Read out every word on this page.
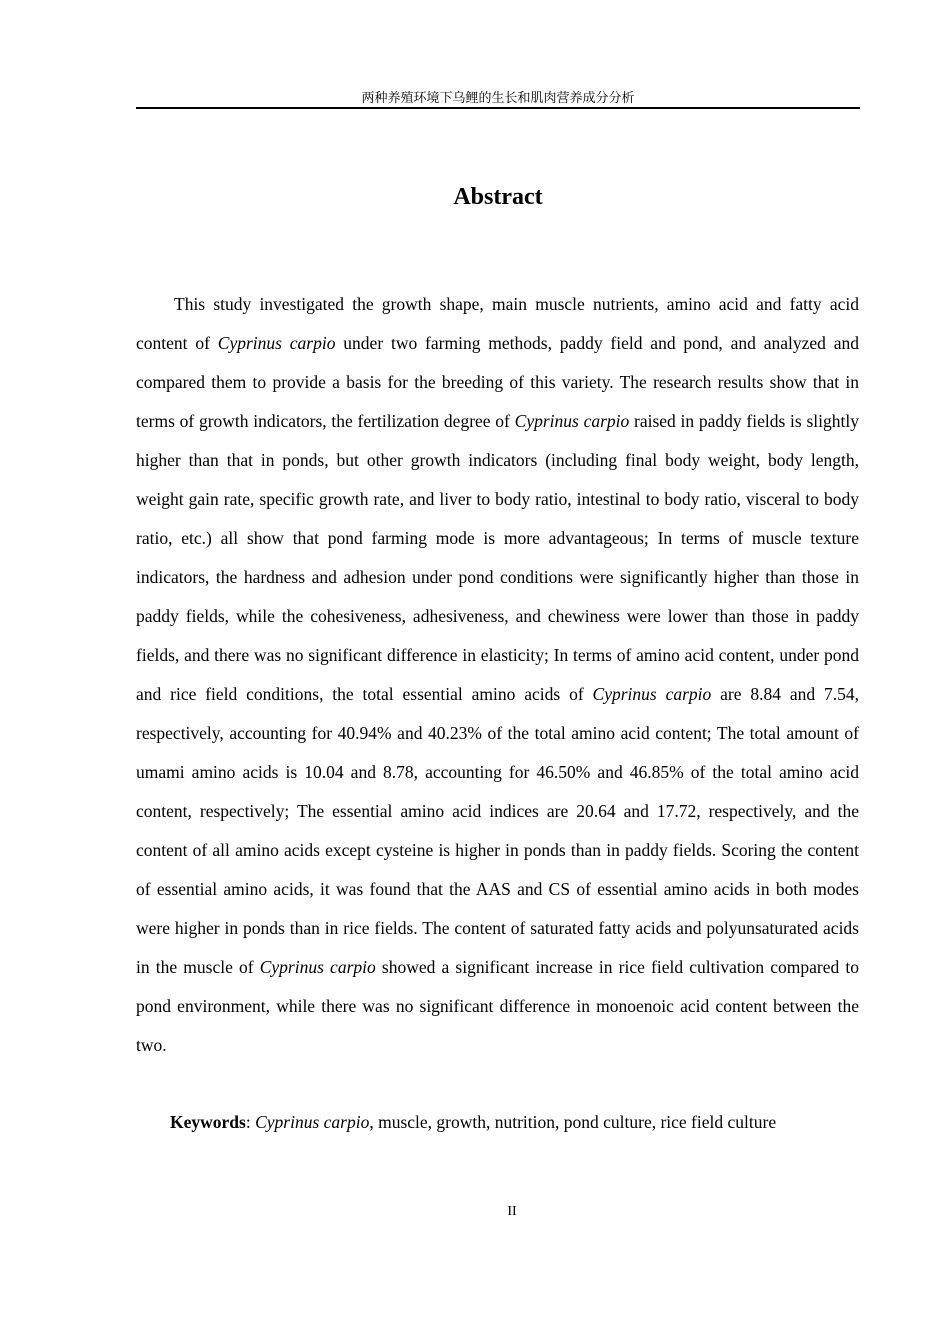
两种养殖环境下乌鲤的生长和肌肉营养成分分析
Abstract

This study investigated the growth shape, main muscle nutrients, amino acid and fatty acid content of Cyprinus carpio under two farming methods, paddy field and pond, and analyzed and compared them to provide a basis for the breeding of this variety. The research results show that in terms of growth indicators, the fertilization degree of Cyprinus carpio raised in paddy fields is slightly higher than that in ponds, but other growth indicators (including final body weight, body length, weight gain rate, specific growth rate, and liver to body ratio, intestinal to body ratio, visceral to body ratio, etc.) all show that pond farming mode is more advantageous; In terms of muscle texture indicators, the hardness and adhesion under pond conditions were significantly higher than those in paddy fields, while the cohesiveness, adhesiveness, and chewiness were lower than those in paddy fields, and there was no significant difference in elasticity; In terms of amino acid content, under pond and rice field conditions, the total essential amino acids of Cyprinus carpio are 8.84 and 7.54, respectively, accounting for 40.94% and 40.23% of the total amino acid content; The total amount of umami amino acids is 10.04 and 8.78, accounting for 46.50% and 46.85% of the total amino acid content, respectively; The essential amino acid indices are 20.64 and 17.72, respectively, and the content of all amino acids except cysteine is higher in ponds than in paddy fields. Scoring the content of essential amino acids, it was found that the AAS and CS of essential amino acids in both modes were higher in ponds than in rice fields. The content of saturated fatty acids and polyunsaturated acids in the muscle of Cyprinus carpio showed a significant increase in rice field cultivation compared to pond environment, while there was no significant difference in monoenoic acid content between the two.

Keywords: Cyprinus carpio, muscle, growth, nutrition, pond culture, rice field culture

II
